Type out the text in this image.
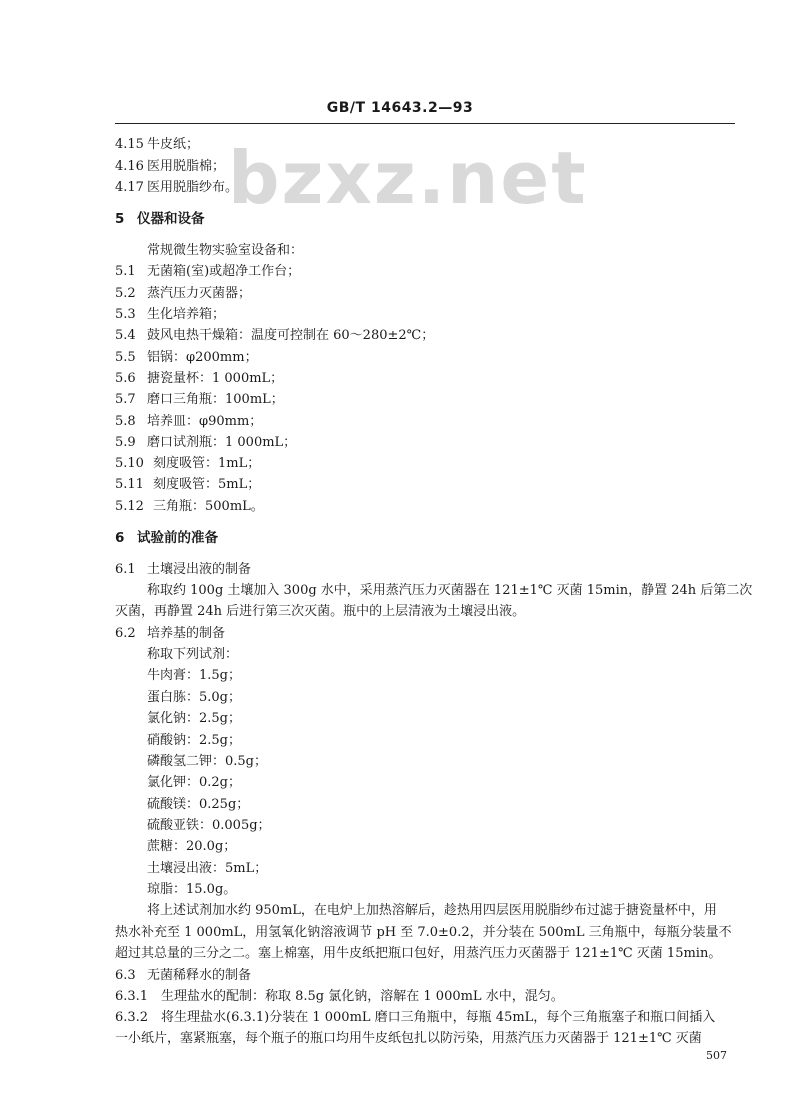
GB/T 14643.2—93
bzxz.net
4.15 牛皮纸；
4.16 医用脱脂棉；
4.17 医用脱脂纱布。
5 仪器和设备
常规微生物实验室设备和：
5.1 无菌箱(室)或超净工作台；
5.2 蒸汽压力灭菌器；
5.3 生化培养箱；
5.4 鼓风电热干燥箱：温度可控制在 60～280±2℃；
5.5 铝锅：φ200mm；
5.6 搪瓷量杯：1 000mL；
5.7 磨口三角瓶：100mL；
5.8 培养皿：φ90mm；
5.9 磨口试剂瓶：1 000mL；
5.10 刻度吸管：1mL；
5.11 刻度吸管：5mL；
5.12 三角瓶：500mL。
6 试验前的准备
6.1 土壤浸出液的制备
称取约 100g 土壤加入 300g 水中，采用蒸汽压力灭菌器在 121±1℃ 灭菌 15min，静置 24h 后第二次
灭菌，再静置 24h 后进行第三次灭菌。瓶中的上层清液为土壤浸出液。
6.2 培养基的制备
称取下列试剂：
牛肉膏：1.5g；
蛋白胨：5.0g；
氯化钠：2.5g；
硝酸钠：2.5g；
磷酸氢二钾：0.5g；
氯化钾：0.2g；
硫酸镁：0.25g；
硫酸亚铁：0.005g；
蔗糖：20.0g；
土壤浸出液：5mL；
琼脂：15.0g。
将上述试剂加水约 950mL，在电炉上加热溶解后，趁热用四层医用脱脂纱布过滤于搪瓷量杯中，用
热水补充至 1 000mL，用氢氧化钠溶液调节 pH 至 7.0±0.2，并分装在 500mL 三角瓶中，每瓶分装量不
超过其总量的三分之二。塞上棉塞，用牛皮纸把瓶口包好，用蒸汽压力灭菌器于 121±1℃ 灭菌 15min。
6.3 无菌稀释水的制备
6.3.1 生理盐水的配制：称取 8.5g 氯化钠，溶解在 1 000mL 水中，混匀。
6.3.2 将生理盐水(6.3.1)分装在 1 000mL 磨口三角瓶中，每瓶 45mL，每个三角瓶塞子和瓶口间插入
一小纸片，塞紧瓶塞，每个瓶子的瓶口均用牛皮纸包扎以防污染，用蒸汽压力灭菌器于 121±1℃ 灭菌
507
